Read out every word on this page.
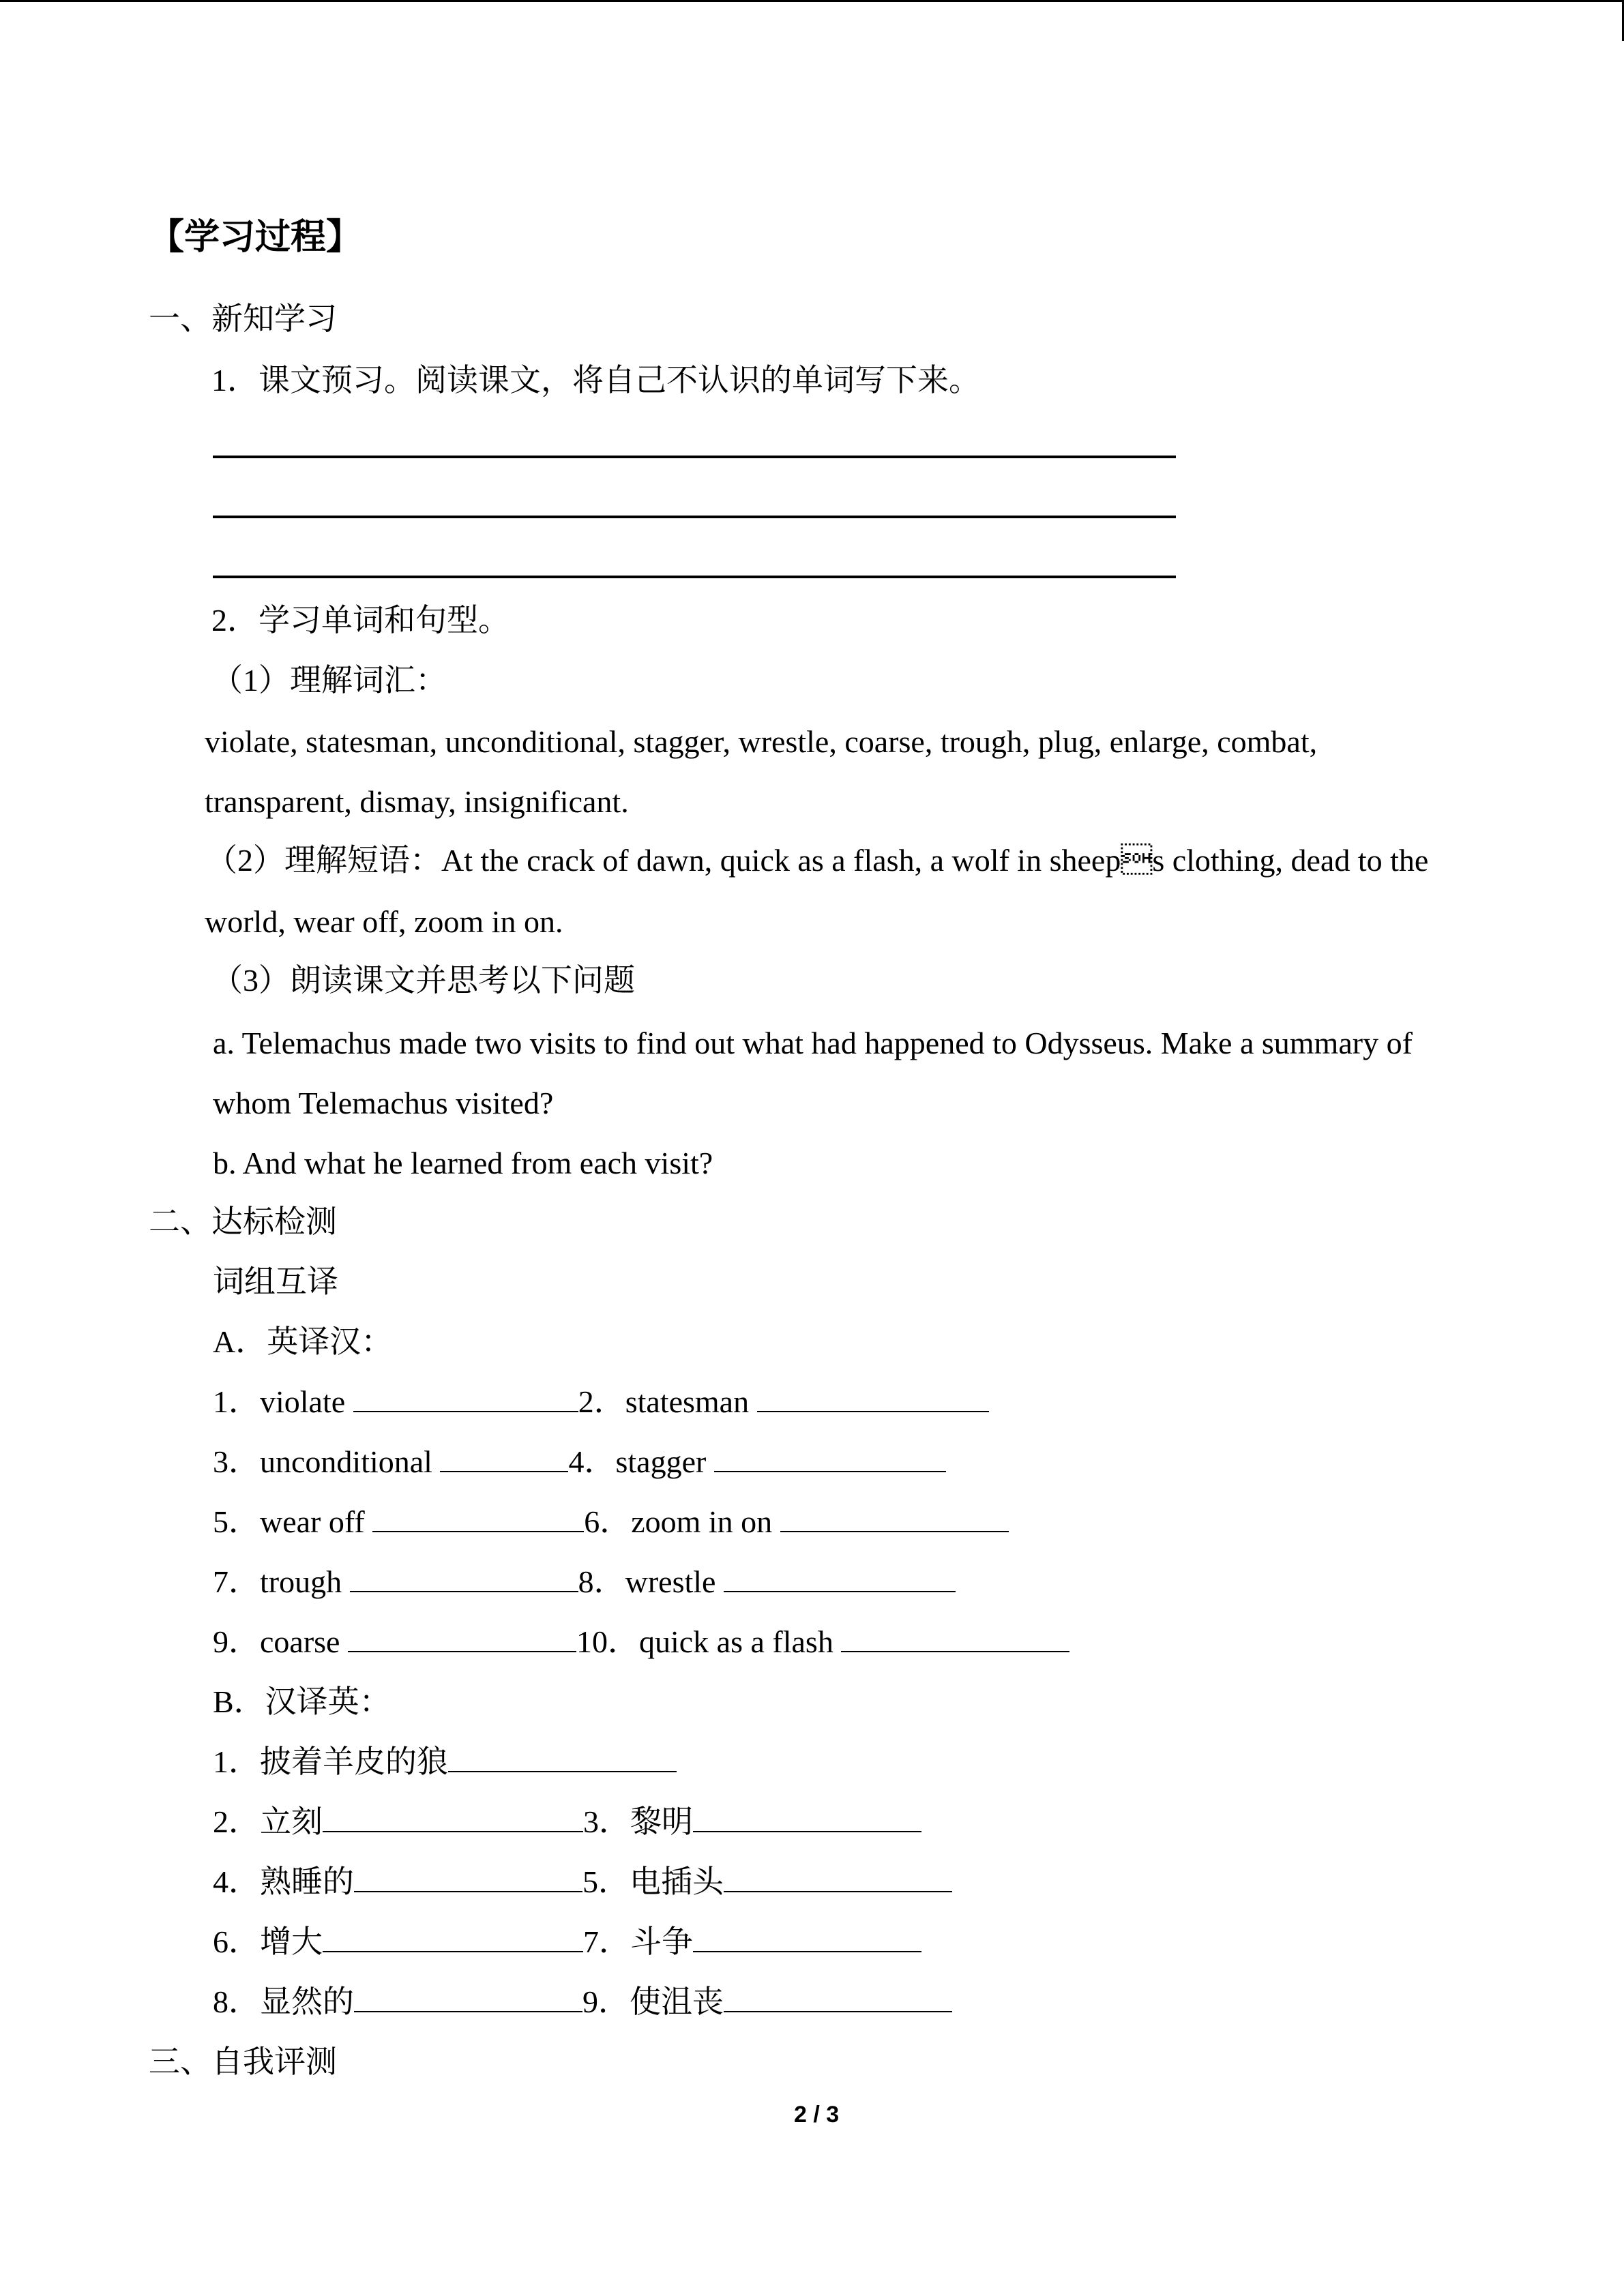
【学习过程】
一、新知学习
1．课文预习。阅读课文，将自己不认识的单词写下来。
2．学习单词和句型。
（1）理解词汇：
violate, statesman, unconditional, stagger, wrestle, coarse, trough, plug, enlarge, combat,
transparent, dismay, insignificant.
（2）理解短语：At the crack of dawn, quick as a flash, a wolf in sheeps clothing, dead to the
world, wear off, zoom in on.
（3）朗读课文并思考以下问题
a. Telemachus made two visits to find out what had happened to Odysseus. Make a summary of
whom Telemachus visited?
b. And what he learned from each visit?
二、达标检测
词组互译
A．英译汉：
1．violate	2．statesman
3．unconditional	4．stagger
5．wear off	6．zoom in on
7．trough	8．wrestle
9．coarse	10．quick as a flash
B．汉译英：
1．披着羊皮的狼
2．立刻	3．黎明
4．熟睡的	5．电插头
6．增大	7．斗争
8．显然的	9．使沮丧
三、自我评测
2 / 3
